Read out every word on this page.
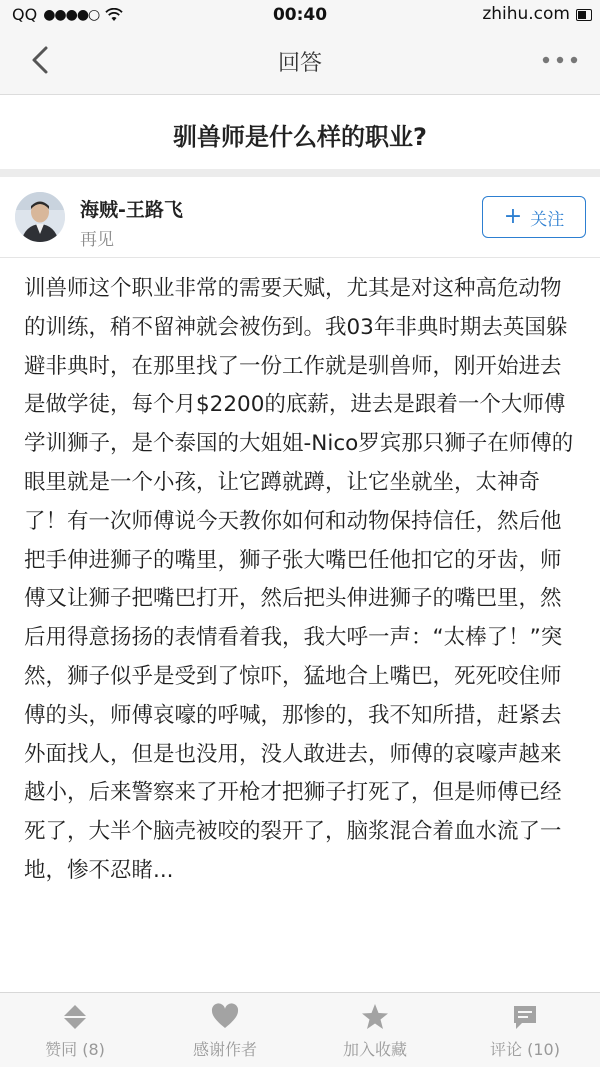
QQ ●●●●○	00:40	zhihu.com
回答
驯兽师是什么样的职业?
海贼-王路飞
再见
+ 关注
训兽师这个职业非常的需要天赋，尤其是对这种高危动物的训练，稍不留神就会被伤到。我03年非典时期去英国躲避非典时，在那里找了一份工作就是驯兽师，刚开始进去是做学徒，每个月$2200的底薪，进去是跟着一个大师傅学训狮子，是个泰国的大姐姐-Nico罗宾那只狮子在师傅的眼里就是一个小孩，让它蹲就蹲，让它坐就坐，太神奇了！有一次师傅说今天教你如何和动物保持信任，然后他把手伸进狮子的嘴里，狮子张大嘴巴任他扣它的牙齿，师傅又让狮子把嘴巴打开，然后把头伸进狮子的嘴巴里，然后用得意扬扬的表情看着我，我大呼一声：“太棒了！”突然，狮子似乎是受到了惊吓，猛地合上嘴巴，死死咬住师傅的头，师傅哀嚎的呼喊，那惨的，我不知所措，赶紧去外面找人，但是也没用，没人敢进去，师傅的哀嚎声越来越小，后来警察来了开枪才把狮子打死了，但是师傅已经死了，大半个脑壳被咬的裂开了，脑浆混合着血水流了一地，惨不忍睹...
赞同 (8)	感谢作者	加入收藏	评论 (10)
